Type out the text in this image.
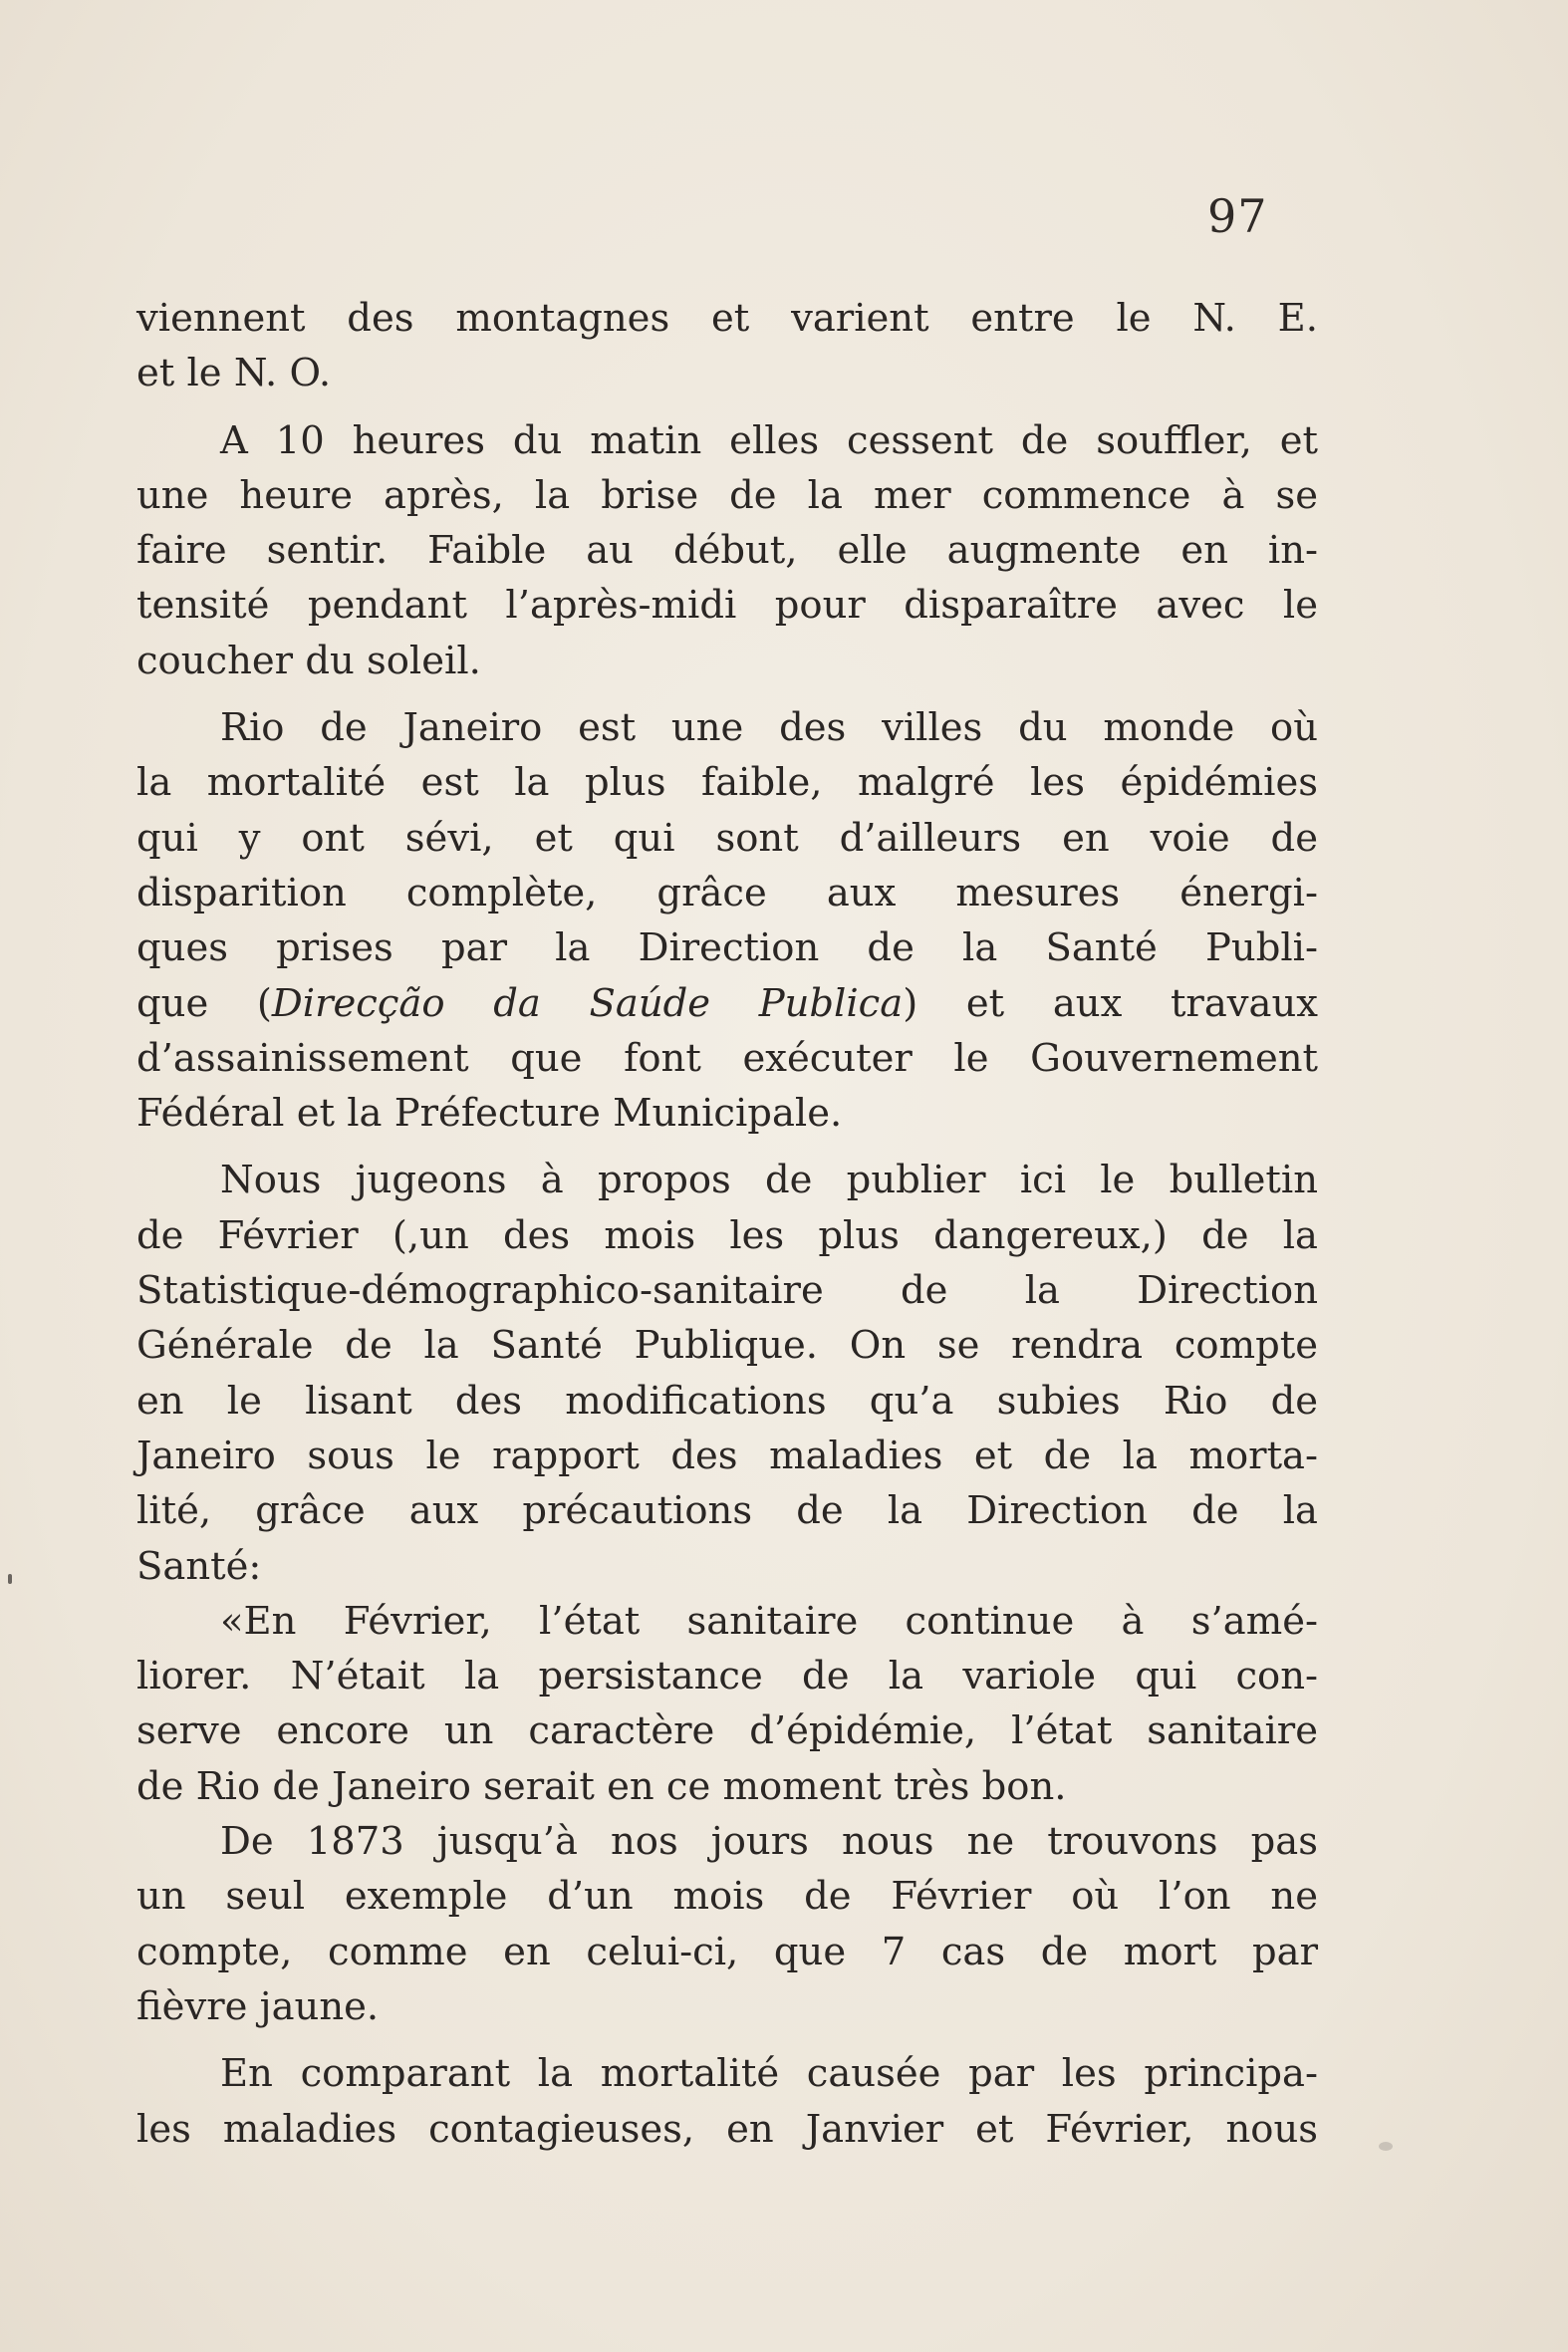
97

viennent des montagnes et varient entre le N. E.
et le N. O.

A 10 heures du matin elles cessent de souffler, et
une heure après, la brise de la mer commence à se
faire sentir. Faible au début, elle augmente en in-
tensité pendant l’après-midi pour disparaître avec le
coucher du soleil.

Rio de Janeiro est une des villes du monde où
la mortalité est la plus faible, malgré les épidémies
qui y ont sévi, et qui sont d’ailleurs en voie de
disparition complète, grâce aux mesures énergi-
ques prises par la Direction de la Santé Publi-
que (Direcção da Saúde Publica) et aux travaux
d’assainissement que font exécuter le Gouvernement
Fédéral et la Préfecture Municipale.

Nous jugeons à propos de publier ici le bulletin
de Février (,un des mois les plus dangereux,) de la
Statistique-démographico-sanitaire de la Direction
Générale de la Santé Publique. On se rendra compte
en le lisant des modifications qu’a subies Rio de
Janeiro sous le rapport des maladies et de la morta-
lité, grâce aux précautions de la Direction de la
Santé:

«En Février, l’état sanitaire continue à s’amé-
liorer. N’était la persistance de la variole qui con-
serve encore un caractère d’épidémie, l’état sanitaire
de Rio de Janeiro serait en ce moment très bon.

De 1873 jusqu’à nos jours nous ne trouvons pas
un seul exemple d’un mois de Février où l’on ne
compte, comme en celui-ci, que 7 cas de mort par
fièvre jaune.

En comparant la mortalité causée par les principa-
les maladies contagieuses, en Janvier et Février, nous
